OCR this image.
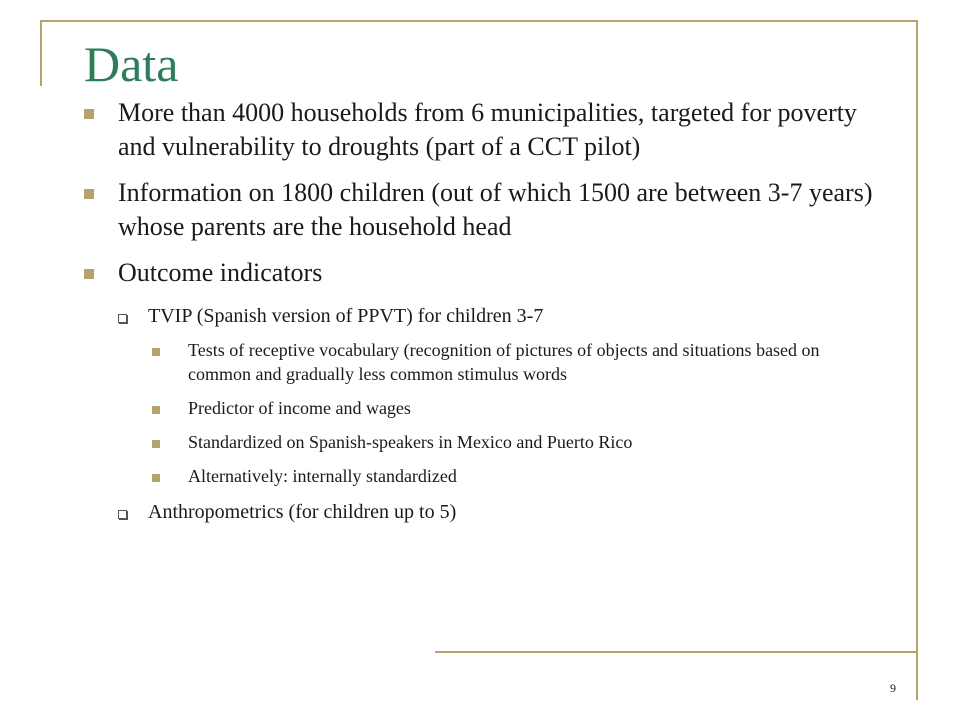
Data
More than 4000 households from 6 municipalities, targeted for poverty and vulnerability to droughts (part of a CCT pilot)
Information on 1800 children (out of which 1500 are between 3-7 years) whose parents are the household head
Outcome indicators
TVIP (Spanish version of PPVT) for children 3-7
Tests of receptive vocabulary (recognition of pictures of objects and situations based on common and gradually less common stimulus words
Predictor of income and wages
Standardized on Spanish-speakers in Mexico and Puerto Rico
Alternatively: internally standardized
Anthropometrics (for children up to 5)
9
